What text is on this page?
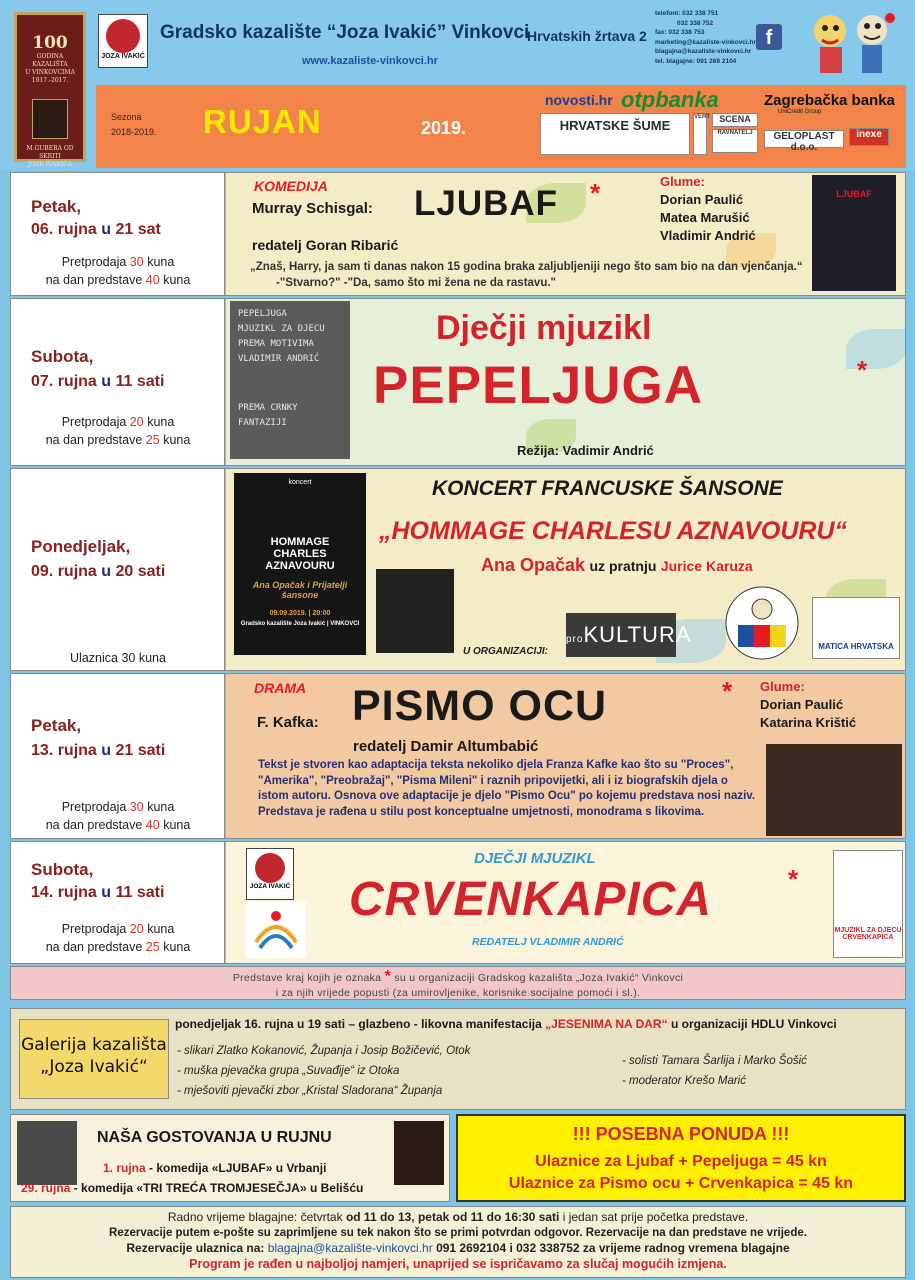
100
GODINA
KAZALIŠTA
U VINKOVCIMA
1917.-2017.
M.GUBERA OD SKRITI
JOZE IVAKIĆA
JOZA IVAKIĆ
Gradsko kazalište “Joza Ivakić” Vinkovci
Hrvatskih žrtava 2
www.kazaliste-vinkovci.hr
telefoni: 032 338 751
032 338 752
fax: 032 338 753
marketing@kazaliste-vinkovci.hr
blagajna@kazaliste-vinkovci.hr
tel. blagajne: 091 269 2104
f
Sezona
2018-2019. RUJAN	2019.
novosti.hr otpbanka	Zagrebačka banka
UniCredit Group
HRVATSKE ŠUME
VERT	SCENA
RAVNATELJ	GELOPLAST d.o.o.
inexe
Petak,
06. rujna u 21 sat
Pretprodaja 30 kuna
na dan predstave 40 kuna
KOMEDIJA
Murray Schisgal: LJUBAF *
redatelj Goran Ribarić
Glume:
Dorian Paulić
Matea Marušić
Vladimir Andrić
LJUBAF
„Znaš, Harry, ja sam ti danas nakon 15 godina braka zaljubljeniji nego što sam bio na dan vjenčanja.“
-"Stvarno?" -"Da, samo što mi žena ne da rastavu."
Subota,
07. rujna u 11 sati
Pretprodaja 20 kuna
na dan predstave 25 kuna
PEPELJUGA
MJUZIKL ZA DJECU
PREMA MOTIVIMA
VLADIMIR ANDRIĆ
PREMA CRNKY FANTAZIJI
Dječji mjuzikl
PEPELJUGA	*
Režija: Vadimir Andrić
Ponedjeljak,
09. rujna u 20 sati
Ulaznica 30 kuna
koncert
HOMMAGE
CHARLES
AZNAVOURU
Ana Opačak i Prijatelji šansone
09.09.2019. | 20:00
Gradsko kazalište Joza Ivakić | VINKOVCI
KONCERT FRANCUSKE ŠANSONE
„HOMMAGE CHARLESU AZNAVOURU“
Ana Opačak uz pratnju Jurice Karuza
U ORGANIZACIJI:
proKULTURA	MATICA HRVATSKA
Petak,
13. rujna u 21 sati
Pretprodaja 30 kuna
na dan predstave 40 kuna
DRAMA
F. Kafka: PISMO OCU	*
redatelj Damir Altumbabić
Glume:
Dorian Paulić
Katarina Krištić
Tekst je stvoren kao adaptacija teksta nekoliko djela Franza Kafke kao što su "Proces", "Amerika", "Preobražaj", "Pisma Mileni" i raznih pripovijetki, ali i iz biografskih djela o istom autoru. Osnova ove adaptacije je djelo "Pismo Ocu" po kojemu predstava nosi naziv. Predstava je rađena u stilu post konceptualne umjetnosti, monodrama s likovima.
Subota,
14. rujna u 11 sati
Pretprodaja 20 kuna
na dan predstave 25 kuna
JOZA IVAKIĆ
DJEČJI MJUZIKL
CRVENKAPICA	*
REDATELJ VLADIMIR ANDRIĆ
MJUZIKL ZA DJECU CRVENKAPICA
Predstave kraj kojih je oznaka * su u organizaciji Gradskog kazališta „Joza Ivakić“ Vinkovci
i za njih vrijede popusti (za umirovljenike, korisnike socijalne pomoći i sl.).
Galerija kazališta
„Joza Ivakić“
ponedjeljak 16. rujna u 19 sati – glazbeno - likovna manifestacija „JESENIMA NA DAR“ u organizaciji HDLU Vinkovci
- slikari Zlatko Kokanović, Županja i Josip Božičević, Otok
- muška pjevačka grupa „Suvađije“ iz Otoka
- mješoviti pjevački zbor „Kristal Sladorana“ Županja
- solisti Tamara Šarlija i Marko Šošić
- moderator Krešo Marić
NAŠA GOSTOVANJA U RUJNU
1. rujna - komedija «LJUBAF» u Vrbanji
29. rujna - komedija «TRI TREĆA TROMJESEČJA» u Belišću
!!! POSEBNA PONUDA !!!
Ulaznice za Ljubaf + Pepeljuga = 45 kn
Ulaznice za Pismo ocu + Crvenkapica = 45 kn
Radno vrijeme blagajne: četvrtak od 11 do 13, petak od 11 do 16:30 sati i jedan sat prije početka predstave.
Rezervacije putem e-pošte su zaprimljene su tek nakon što se primi potvrdan odgovor. Rezervacije na dan predstave ne vrijede.
Rezervacije ulaznica na: blagajna@kazalište-vinkovci.hr 091 2692104 i 032 338752 za vrijeme radnog vremena blagajne
Program je rađen u najboljoj namjeri, unaprijed se ispričavamo za slučaj mogućih izmjena.
